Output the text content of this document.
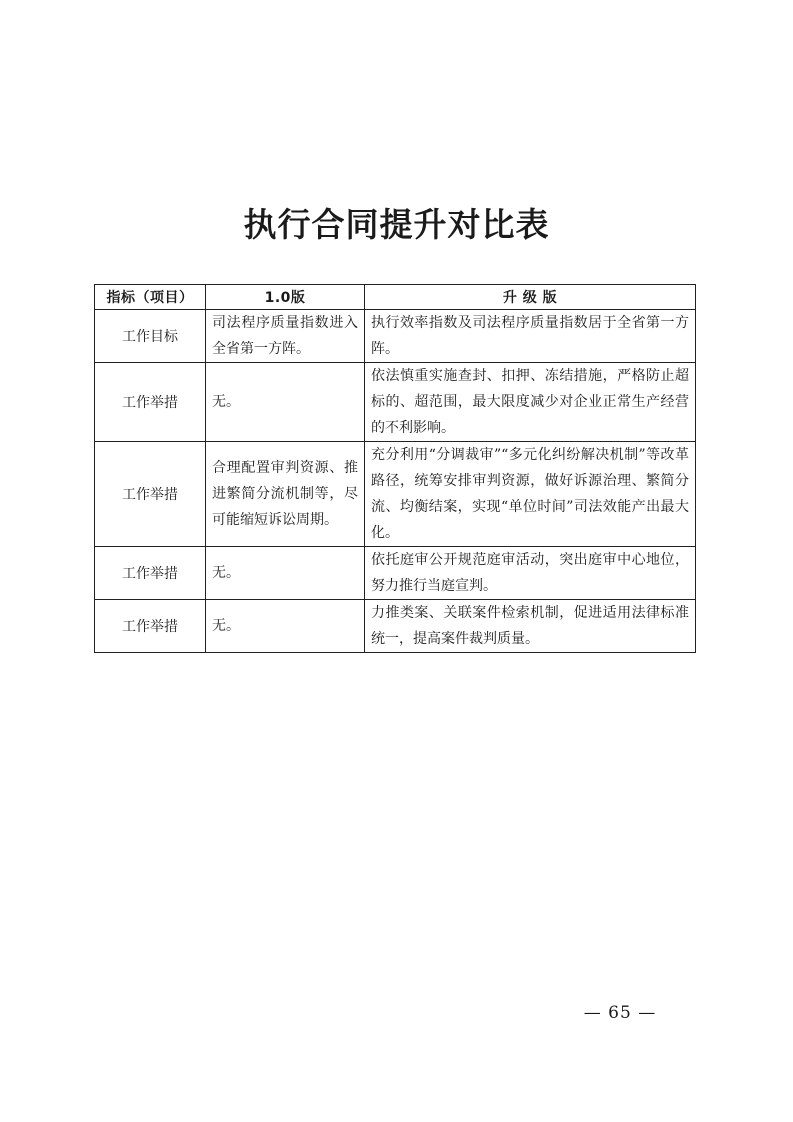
执行合同提升对比表
指标（项目）	1.0版	升 级 版
工作目标	司法程序质量指数进入全省第一方阵。	执行效率指数及司法程序质量指数居于全省第一方阵。
工作举措	无。	依法慎重实施查封、扣押、冻结措施，严格防止超标的、超范围，最大限度减少对企业正常生产经营的不利影响。
工作举措	合理配置审判资源、推进繁简分流机制等，尽可能缩短诉讼周期。	充分利用“分调裁审”“多元化纠纷解决机制”等改革路径，统筹安排审判资源，做好诉源治理、繁简分流、均衡结案，实现“单位时间”司法效能产出最大化。
工作举措	无。	依托庭审公开规范庭审活动，突出庭审中心地位，努力推行当庭宣判。
工作举措	无。	力推类案、关联案件检索机制，促进适用法律标准统一，提高案件裁判质量。
— 65 —
